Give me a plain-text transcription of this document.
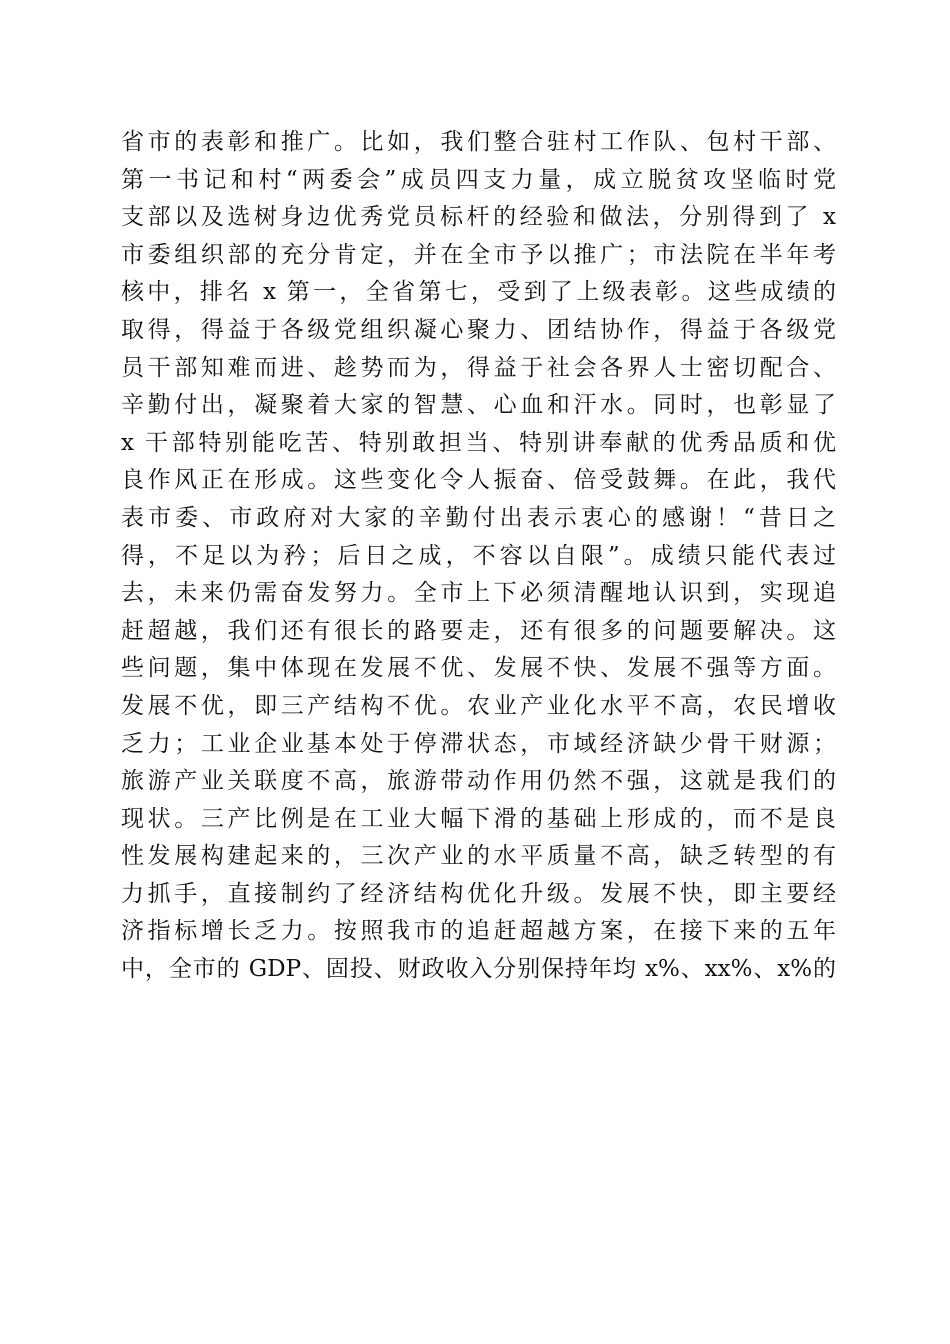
省市的表彰和推广。比如，我们整合驻村工作队、包村干部、
第一书记和村“两委会”成员四支力量，成立脱贫攻坚临时党
支部以及选树身边优秀党员标杆的经验和做法，分别得到了 x
市委组织部的充分肯定，并在全市予以推广；市法院在半年考
核中，排名 x 第一，全省第七，受到了上级表彰。这些成绩的
取得，得益于各级党组织凝心聚力、团结协作，得益于各级党
员干部知难而进、趁势而为，得益于社会各界人士密切配合、
辛勤付出，凝聚着大家的智慧、心血和汗水。同时，也彰显了
x 干部特别能吃苦、特别敢担当、特别讲奉献的优秀品质和优
良作风正在形成。这些变化令人振奋、倍受鼓舞。在此，我代
表市委、市政府对大家的辛勤付出表示衷心的感谢！“昔日之
得，不足以为矜；后日之成，不容以自限”。成绩只能代表过
去，未来仍需奋发努力。全市上下必须清醒地认识到，实现追
赶超越，我们还有很长的路要走，还有很多的问题要解决。这
些问题，集中体现在发展不优、发展不快、发展不强等方面。
发展不优，即三产结构不优。农业产业化水平不高，农民增收
乏力；工业企业基本处于停滞状态，市域经济缺少骨干财源；
旅游产业关联度不高，旅游带动作用仍然不强，这就是我们的
现状。三产比例是在工业大幅下滑的基础上形成的，而不是良
性发展构建起来的，三次产业的水平质量不高，缺乏转型的有
力抓手，直接制约了经济结构优化升级。发展不快，即主要经
济指标增长乏力。按照我市的追赶超越方案，在接下来的五年
中，全市的 GDP、固投、财政收入分别保持年均 x%、xx%、x%的
